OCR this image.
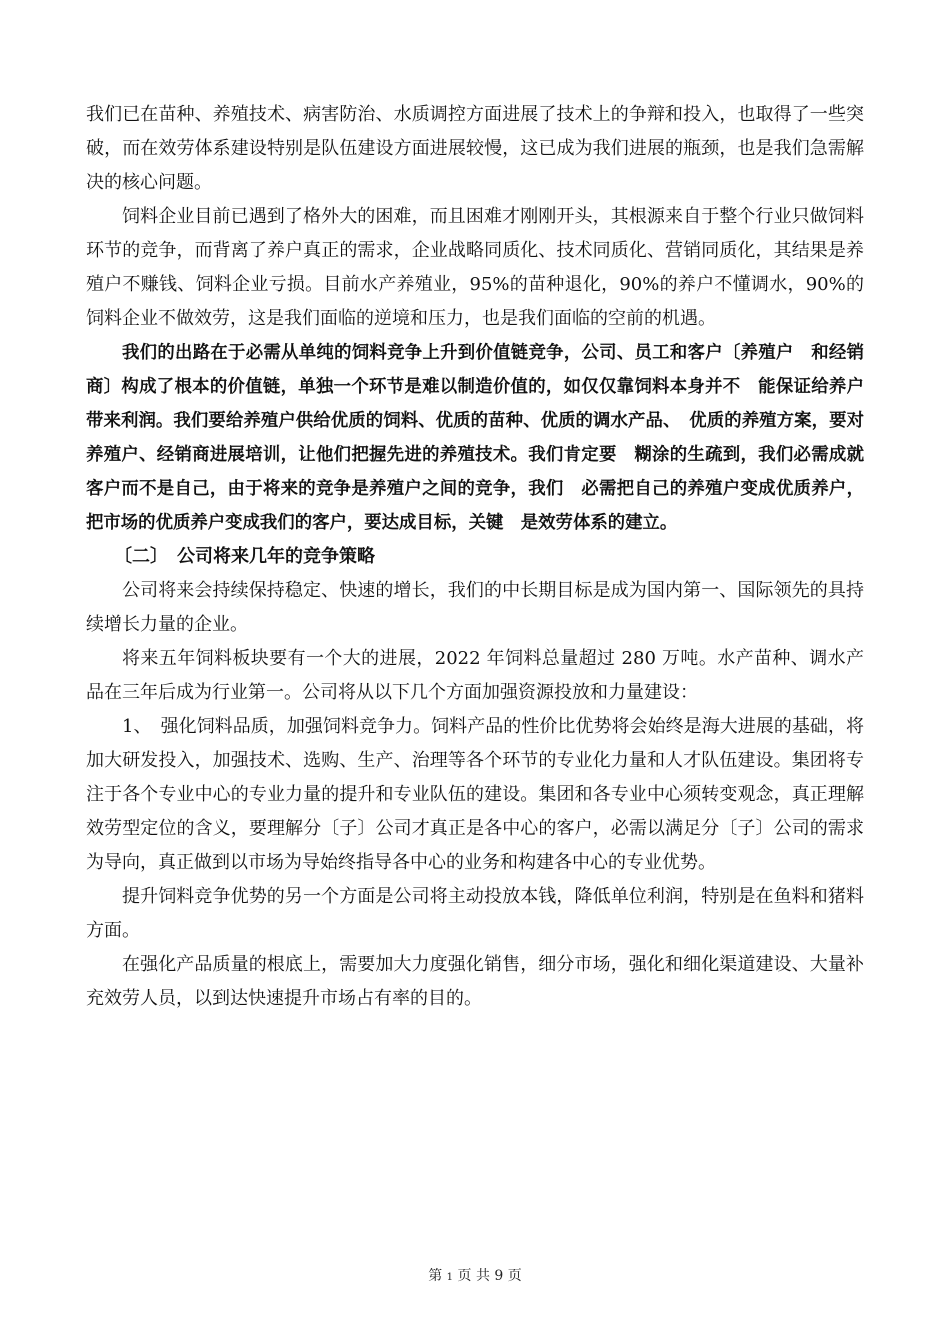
我们已在苗种、养殖技术、病害防治、水质调控方面进展了技术上的争辩和投入，也取得了一些突破，而在效劳体系建设特别是队伍建设方面进展较慢，这已成为我们进展的瓶颈，也是我们急需解决的核心问题。

饲料企业目前已遇到了格外大的困难，而且困难才刚刚开头，其根源来自于整个行业只做饲料环节的竞争，而背离了养户真正的需求，企业战略同质化、技术同质化、营销同质化，其结果是养殖户不赚钱、饲料企业亏损。目前水产养殖业，95%的苗种退化，90%的养户不懂调水，90%的饲料企业不做效劳，这是我们面临的逆境和压力，也是我们面临的空前的机遇。

我们的出路在于必需从单纯的饲料竞争上升到价值链竞争，公司、员工和客户〔养殖户　和经销商〕构成了根本的价值链，单独一个环节是难以制造价值的，如仅仅靠饲料本身并不　能保证给养户带来利润。我们要给养殖户供给优质的饲料、优质的苗种、优质的调水产品、　优质的养殖方案，要对养殖户、经销商进展培训，让他们把握先进的养殖技术。我们肯定要　糊涂的生疏到，我们必需成就客户而不是自己，由于将来的竞争是养殖户之间的竞争，我们　必需把自己的养殖户变成优质养户，把市场的优质养户变成我们的客户，要达成目标，关键　是效劳体系的建立。

〔二〕　公司将来几年的竞争策略

公司将来会持续保持稳定、快速的增长，我们的中长期目标是成为国内第一、国际领先的具持续增长力量的企业。

将来五年饲料板块要有一个大的进展，2022 年饲料总量超过 280 万吨。水产苗种、调水产品在三年后成为行业第一。公司将从以下几个方面加强资源投放和力量建设：

1、　强化饲料品质，加强饲料竞争力。饲料产品的性价比优势将会始终是海大进展的基础，将加大研发投入，加强技术、选购、生产、治理等各个环节的专业化力量和人才队伍建设。集团将专注于各个专业中心的专业力量的提升和专业队伍的建设。集团和各专业中心须转变观念，真正理解效劳型定位的含义，要理解分〔子〕公司才真正是各中心的客户，必需以满足分〔子〕公司的需求为导向，真正做到以市场为导始终指导各中心的业务和构建各中心的专业优势。

提升饲料竞争优势的另一个方面是公司将主动投放本钱，降低单位利润，特别是在鱼料和猪料方面。

在强化产品质量的根底上，需要加大力度强化销售，细分市场，强化和细化渠道建设、大量补充效劳人员，以到达快速提升市场占有率的目的。

第 1 页 共 9 页
